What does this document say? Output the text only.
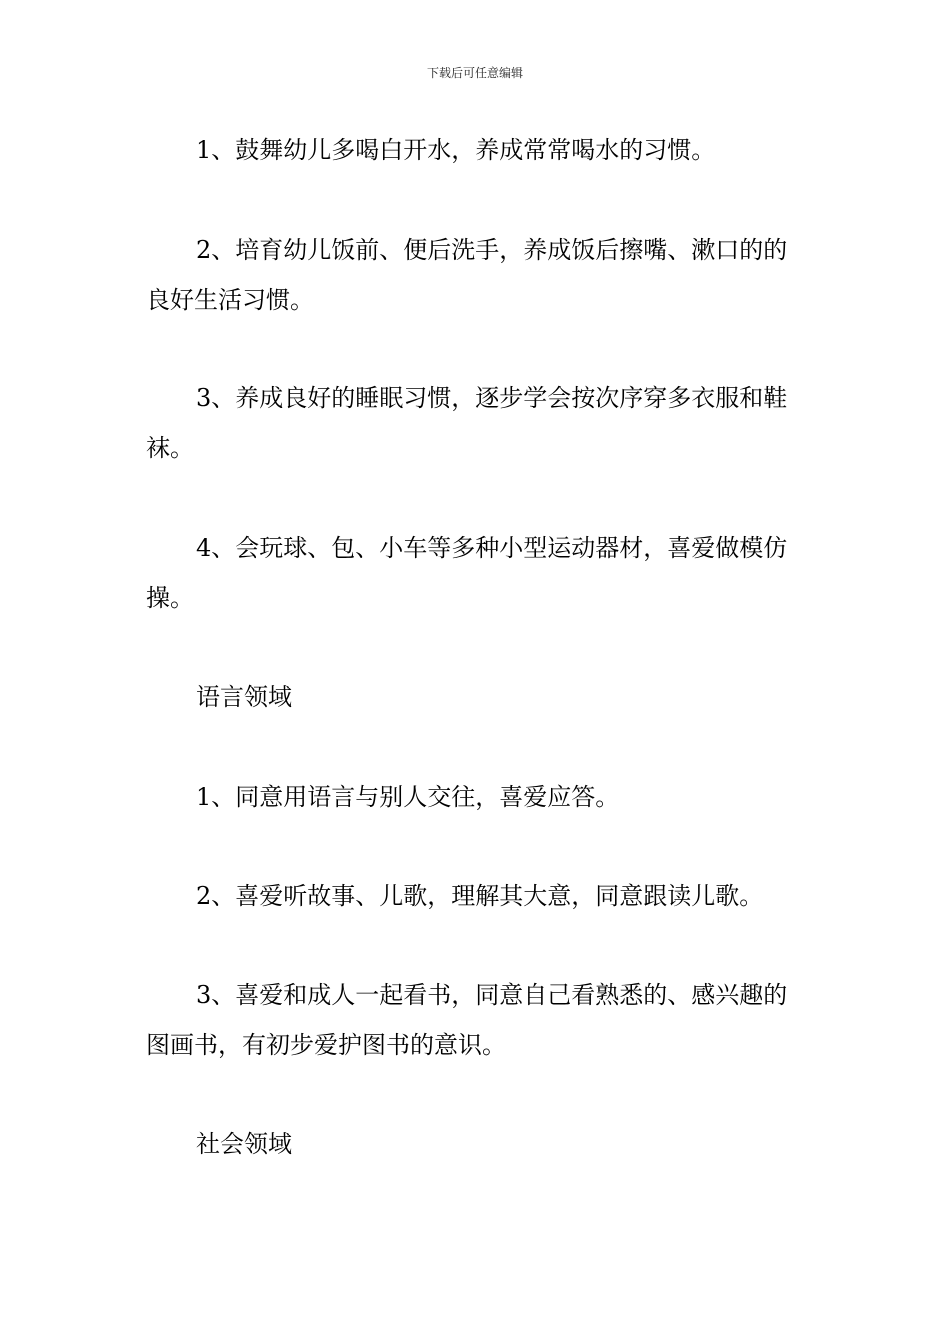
下载后可任意编辑

1、鼓舞幼儿多喝白开水，养成常常喝水的习惯。

2、培育幼儿饭前、便后洗手，养成饭后擦嘴、漱口的的良好生活习惯。

3、养成良好的睡眠习惯，逐步学会按次序穿多衣服和鞋袜。

4、会玩球、包、小车等多种小型运动器材，喜爱做模仿操。

语言领域

1、同意用语言与别人交往，喜爱应答。

2、喜爱听故事、儿歌，理解其大意，同意跟读儿歌。

3、喜爱和成人一起看书，同意自己看熟悉的、感兴趣的图画书，有初步爱护图书的意识。

社会领域
